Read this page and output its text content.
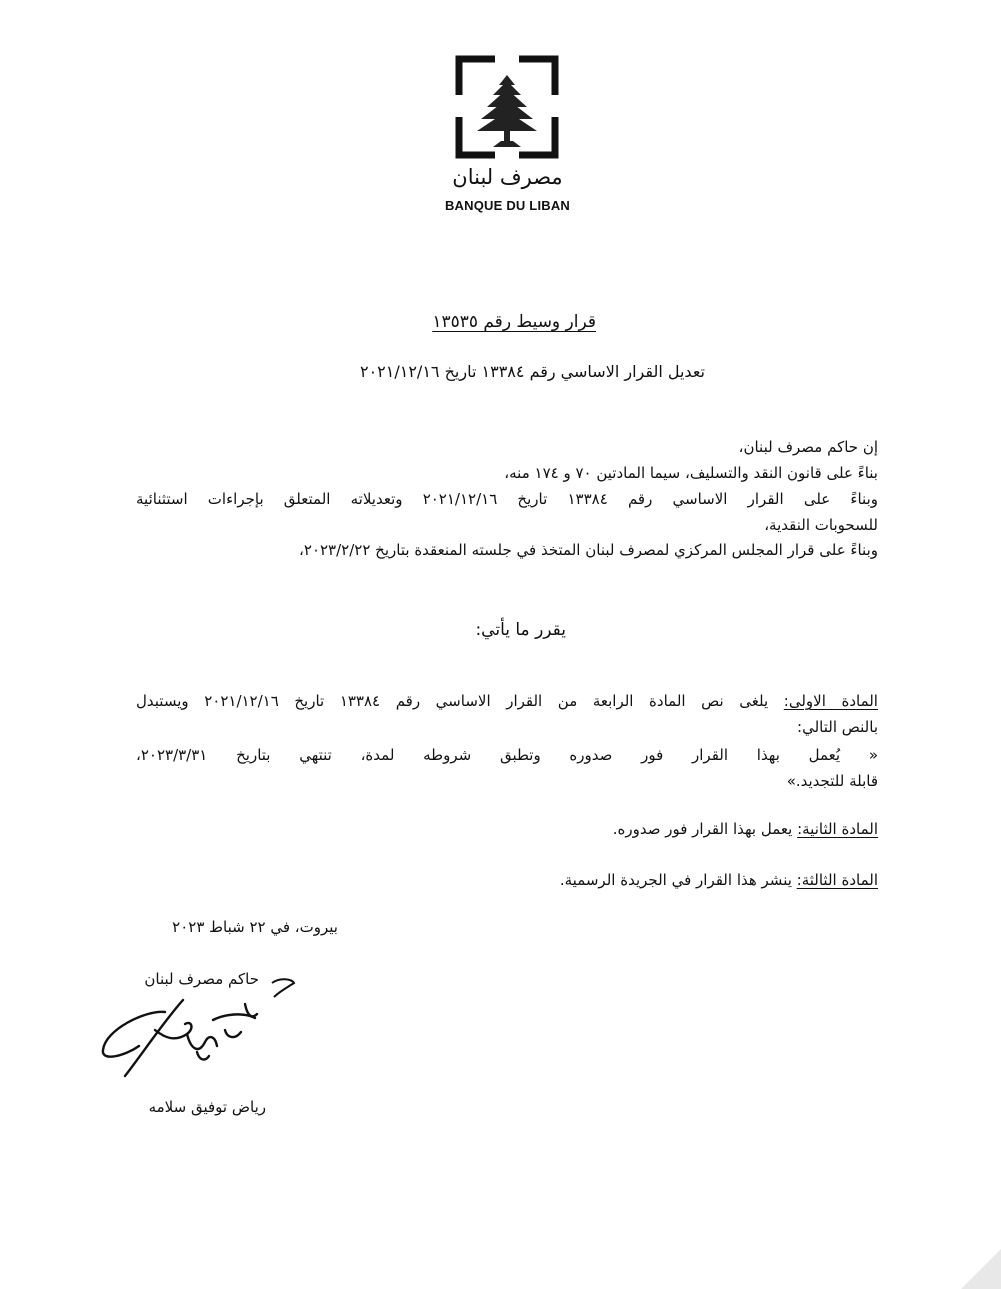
مصرف لبنان
BANQUE DU LIBAN
قرار وسيط رقم ١٣٥٣٥
تعديل القرار الاساسي رقم ١٣٣٨٤ تاريخ ٢٠٢١/١٢/١٦
إن حاكم مصرف لبنان،
بناءً على قانون النقد والتسليف، سيما المادتين ٧٠ و ١٧٤ منه،
وبناءً على القرار الاساسي رقم ١٣٣٨٤ تاريخ ٢٠٢١/١٢/١٦ وتعديلاته المتعلق بإجراءات استثنائية
للسحوبات النقدية،
وبناءً على قرار المجلس المركزي لمصرف لبنان المتخذ في جلسته المنعقدة بتاريخ ٢٠٢٣/٢/٢٢،
يقرر ما يأتي:
المادة الاولى: يلغى نص المادة الرابعة من القرار الاساسي رقم ١٣٣٨٤ تاريخ ٢٠٢١/١٢/١٦ ويستبدل
بالنص التالي:
« يُعمل بهذا القرار فور صدوره وتطبق شروطه لمدة، تنتهي بتاريخ ٢٠٢٣/٣/٣١،
قابلة للتجديد.»
المادة الثانية: يعمل بهذا القرار فور صدوره.
المادة الثالثة: ينشر هذا القرار في الجريدة الرسمية.
بيروت، في ٢٢ شباط ٢٠٢٣
حاكم مصرف لبنان
رياض توفيق سلامه
